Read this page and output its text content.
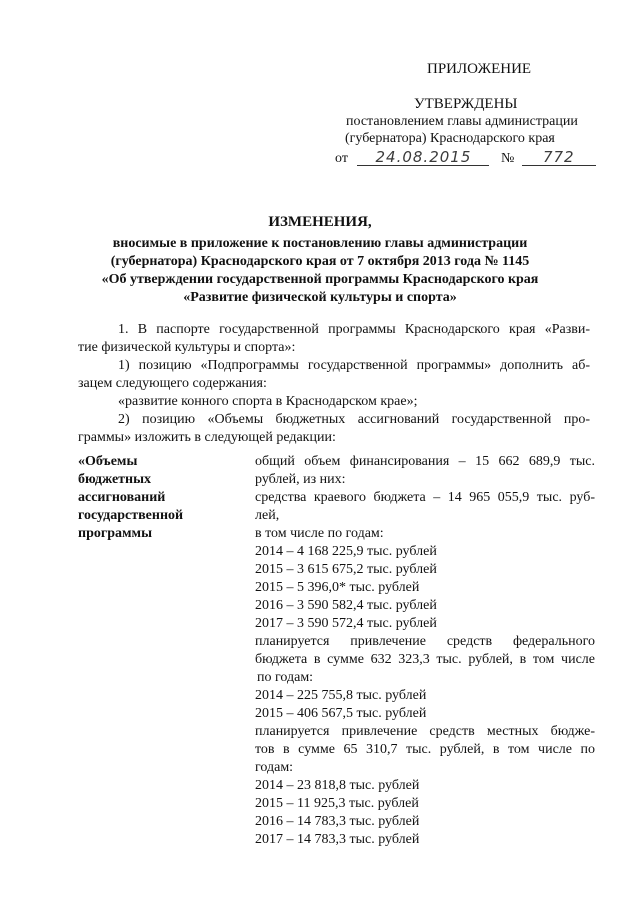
ПРИЛОЖЕНИЕ
УТВЕРЖДЕНЫ
постановлением главы администрации
(губернатора) Краснодарского края
от 24.08.2015 № 772
ИЗМЕНЕНИЯ,
вносимые в приложение к постановлению главы администрации
(губернатора) Краснодарского края от 7 октября 2013 года № 1145
«Об утверждении государственной программы Краснодарского края
«Развитие физической культуры и спорта»
1. В паспорте государственной программы Краснодарского края «Разви-
тие физической культуры и спорта»:
1) позицию «Подпрограммы государственной программы» дополнить аб-
зацем следующего содержания:
«развитие конного спорта в Краснодарском крае»;
2) позицию «Объемы бюджетных ассигнований государственной про-
граммы» изложить в следующей редакции:
«Объемы
бюджетных
ассигнований
государственной
программы
общий объем финансирования – 15 662 689,9 тыс.
рублей, из них:
средства краевого бюджета – 14 965 055,9 тыс. руб-
лей,
в том числе по годам:
2014 – 4 168 225,9 тыс. рублей
2015 – 3 615 675,2 тыс. рублей
2015 – 5 396,0* тыс. рублей
2016 – 3 590 582,4 тыс. рублей
2017 – 3 590 572,4 тыс. рублей
планируется привлечение средств федерального
бюджета в сумме 632 323,3 тыс. рублей, в том числе
по годам:
2014 – 225 755,8 тыс. рублей
2015 – 406 567,5 тыс. рублей
планируется привлечение средств местных бюдже-
тов в сумме 65 310,7 тыс. рублей, в том числе по
годам:
2014 – 23 818,8 тыс. рублей
2015 – 11 925,3 тыс. рублей
2016 – 14 783,3 тыс. рублей
2017 – 14 783,3 тыс. рублей
